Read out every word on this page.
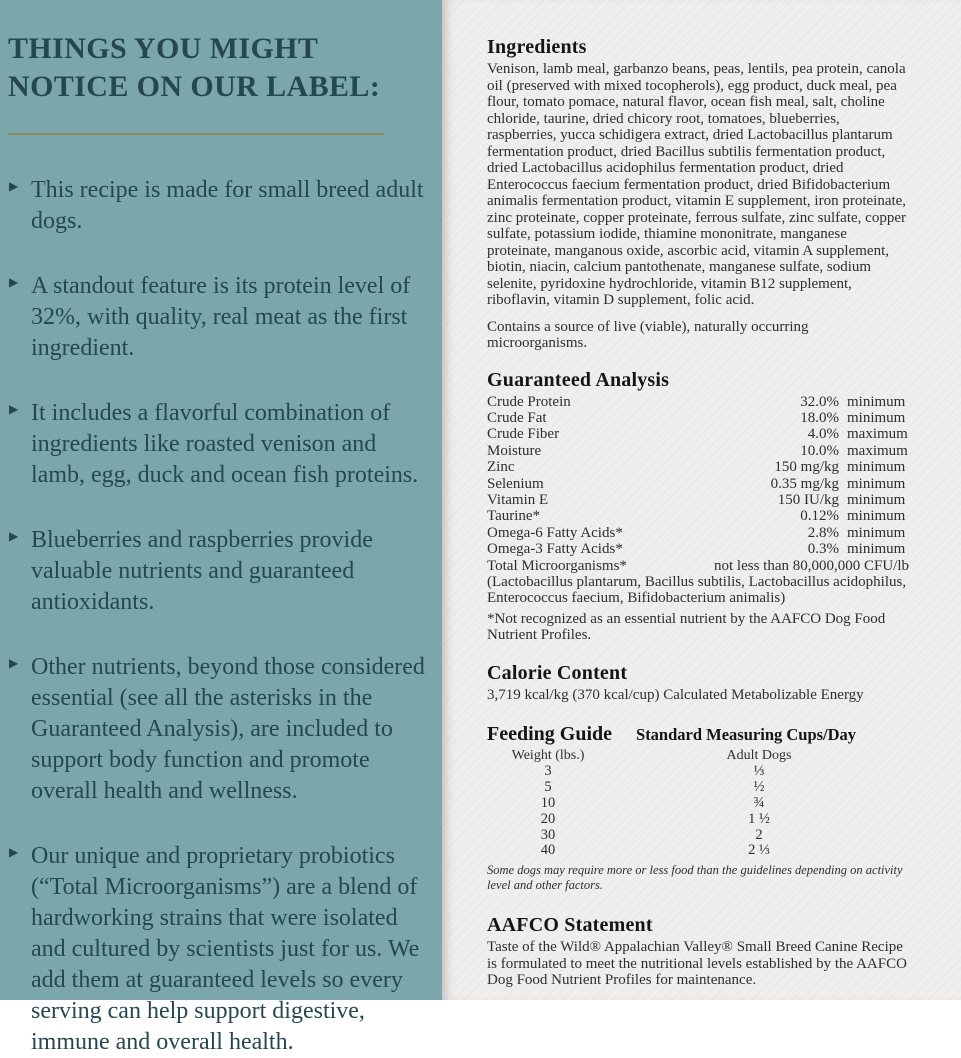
THINGS YOU MIGHT
NOTICE ON OUR LABEL:
▶ This recipe is made for small breed adult dogs.
▶ A standout feature is its protein level of 32%, with quality, real meat as the first ingredient.
▶ It includes a flavorful combination of ingredients like roasted venison and lamb, egg, duck and ocean fish proteins.
▶ Blueberries and raspberries provide valuable nutrients and guaranteed antioxidants.
▶ Other nutrients, beyond those considered essential (see all the asterisks in the Guaranteed Analysis), are included to support body function and promote overall health and wellness.
▶ Our unique and proprietary probiotics (“Total Microorganisms”) are a blend of hardworking strains that were isolated and cultured by scientists just for us. We add them at guaranteed levels so every serving can help support digestive, immune and overall health.
Ingredients

Venison, lamb meal, garbanzo beans, peas, lentils, pea protein, canola oil (preserved with mixed tocopherols), egg product, duck meal, pea flour, tomato pomace, natural flavor, ocean fish meal, salt, choline chloride, taurine, dried chicory root, tomatoes, blueberries, raspberries, yucca schidigera extract, dried Lactobacillus plantarum fermentation product, dried Bacillus subtilis fermentation product, dried Lactobacillus acidophilus fermentation product, dried Enterococcus faecium fermentation product, dried Bifidobacterium animalis fermentation product, vitamin E supplement, iron proteinate, zinc proteinate, copper proteinate, ferrous sulfate, zinc sulfate, copper sulfate, potassium iodide, thiamine mononitrate, manganese proteinate, manganous oxide, ascorbic acid, vitamin A supplement, biotin, niacin, calcium pantothenate, manganese sulfate, sodium selenite, pyridoxine hydrochloride, vitamin B12 supplement, riboflavin, vitamin D supplement, folic acid.

Contains a source of live (viable), naturally occurring microorganisms.

Guaranteed Analysis
Crude Protein	32.0% minimum
Crude Fat	18.0% minimum
Crude Fiber	4.0% maximum
Moisture	10.0% maximum
Zinc	150 mg/kg minimum
Selenium	0.35 mg/kg minimum
Vitamin E	150 IU/kg minimum
Taurine*	0.12% minimum
Omega-6 Fatty Acids*	2.8% minimum
Omega-3 Fatty Acids*	0.3% minimum
Total Microorganisms*	not less than 80,000,000 CFU/lb

(Lactobacillus plantarum, Bacillus subtilis, Lactobacillus acidophilus, Enterococcus faecium, Bifidobacterium animalis)

*Not recognized as an essential nutrient by the AAFCO Dog Food Nutrient Profiles.

Calorie Content

3,719 kcal/kg (370 kcal/cup) Calculated Metabolizable Energy

Feeding Guide Standard Measuring Cups/Day
Weight (lbs.)	Adult Dogs
3	⅓
5	½
10	¾
20	1 ½
30	2
40	2 ⅓

Some dogs may require more or less food than the guidelines depending on activity level and other factors.

AAFCO Statement

Taste of the Wild® Appalachian Valley® Small Breed Canine Recipe is formulated to meet the nutritional levels established by the AAFCO Dog Food Nutrient Profiles for maintenance.
